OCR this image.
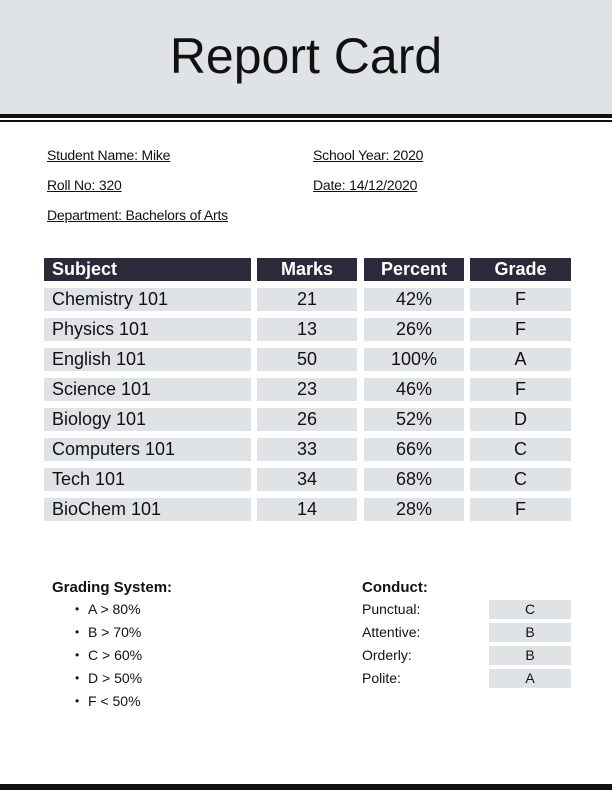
Report Card
Student Name: Mike	School Year: 2020
Roll No: 320	Date: 14/12/2020
Department: Bachelors of Arts
Subject	Marks	Percent	Grade
Chemistry 101	21	42%	F
Physics 101	13	26%	F
English 101	50	100%	A
Science 101	23	46%	F
Biology 101	26	52%	D
Computers 101	33	66%	C
Tech 101	34	68%	C
BioChem 101	14	28%	F
Grading System:
• A > 80%
• B > 70%
• C > 60%
• D > 50%
• F < 50%
Conduct:
Punctual:	C
Attentive:	B
Orderly:	B
Polite:	A
